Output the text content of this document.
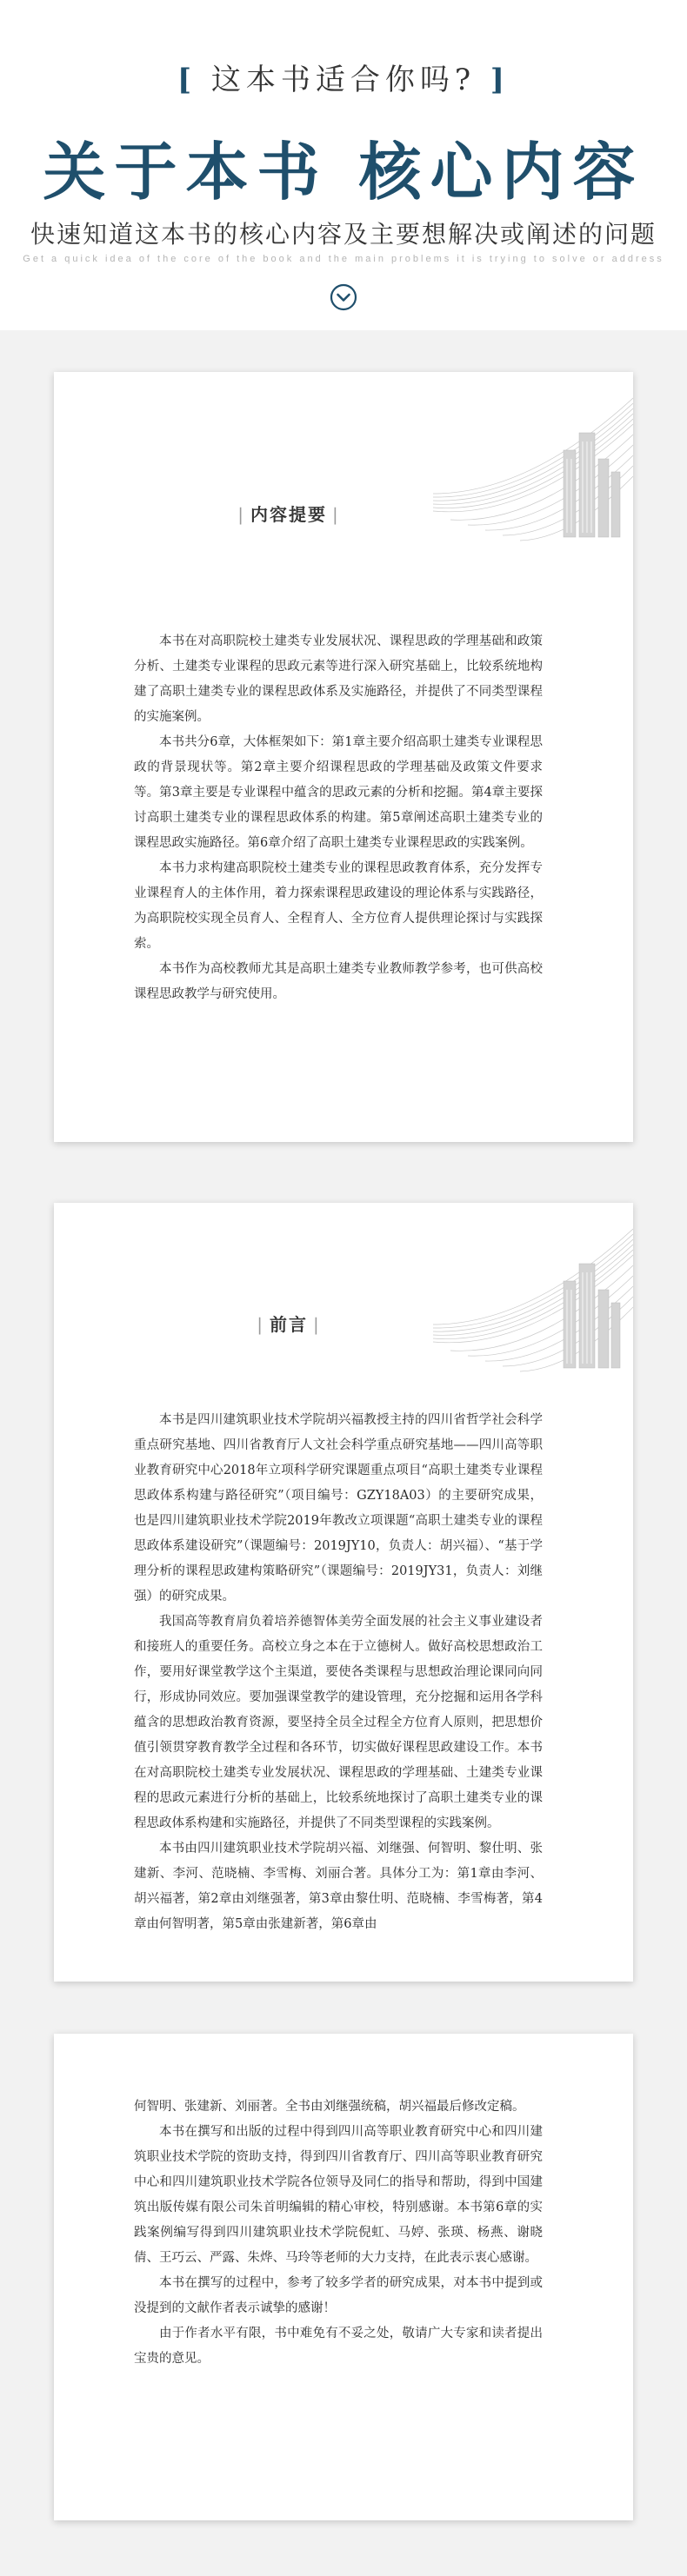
[ 这本书适合你吗? ]
关于本书 核心内容
快速知道这本书的核心内容及主要想解决或阐述的问题
Get a quick idea of the core of the book and the main problems it is trying to solve or address
| 内容提要 |

本书在对高职院校土建类专业发展状况、课程思政的学理基础和政策分析、土建类专业课程的思政元素等进行深入研究基础上，比较系统地构建了高职土建类专业的课程思政体系及实施路径，并提供了不同类型课程的实施案例。

本书共分6章，大体框架如下：第1章主要介绍高职土建类专业课程思政的背景现状等。第2章主要介绍课程思政的学理基础及政策文件要求等。第3章主要是专业课程中蕴含的思政元素的分析和挖掘。第4章主要探讨高职土建类专业的课程思政体系的构建。第5章阐述高职土建类专业的课程思政实施路径。第6章介绍了高职土建类专业课程思政的实践案例。

本书力求构建高职院校土建类专业的课程思政教育体系，充分发挥专业课程育人的主体作用，着力探索课程思政建设的理论体系与实践路径，为高职院校实现全员育人、全程育人、全方位育人提供理论探讨与实践探索。

本书作为高校教师尤其是高职土建类专业教师教学参考，也可供高校课程思政教学与研究使用。

| 前言 |

本书是四川建筑职业技术学院胡兴福教授主持的四川省哲学社会科学重点研究基地、四川省教育厅人文社会科学重点研究基地——四川高等职业教育研究中心2018年立项科学研究课题重点项目“高职土建类专业课程思政体系构建与路径研究”（项目编号：GZY18A03）的主要研究成果，也是四川建筑职业技术学院2019年教改立项课题“高职土建类专业的课程思政体系建设研究”（课题编号：2019JY10，负责人：胡兴福）、“基于学理分析的课程思政建构策略研究”（课题编号：2019JY31，负责人：刘继强）的研究成果。

我国高等教育肩负着培养德智体美劳全面发展的社会主义事业建设者和接班人的重要任务。高校立身之本在于立德树人。做好高校思想政治工作，要用好课堂教学这个主渠道，要使各类课程与思想政治理论课同向同行，形成协同效应。要加强课堂教学的建设管理，充分挖掘和运用各学科蕴含的思想政治教育资源，要坚持全员全过程全方位育人原则，把思想价值引领贯穿教育教学全过程和各环节，切实做好课程思政建设工作。本书在对高职院校土建类专业发展状况、课程思政的学理基础、土建类专业课程的思政元素进行分析的基础上，比较系统地探讨了高职土建类专业的课程思政体系构建和实施路径，并提供了不同类型课程的实践案例。

本书由四川建筑职业技术学院胡兴福、刘继强、何智明、黎仕明、张建新、李河、范晓楠、李雪梅、刘丽合著。具体分工为：第1章由李河、胡兴福著，第2章由刘继强著，第3章由黎仕明、范晓楠、李雪梅著，第4章由何智明著，第5章由张建新著，第6章由

何智明、张建新、刘丽著。全书由刘继强统稿，胡兴福最后修改定稿。

本书在撰写和出版的过程中得到四川高等职业教育研究中心和四川建筑职业技术学院的资助支持，得到四川省教育厅、四川高等职业教育研究中心和四川建筑职业技术学院各位领导及同仁的指导和帮助，得到中国建筑出版传媒有限公司朱首明编辑的精心审校，特别感谢。本书第6章的实践案例编写得到四川建筑职业技术学院倪虹、马婷、张瑛、杨燕、谢晓倩、王巧云、严露、朱烨、马玲等老师的大力支持，在此表示衷心感谢。

本书在撰写的过程中，参考了较多学者的研究成果，对本书中提到或没提到的文献作者表示诚挚的感谢！

由于作者水平有限，书中难免有不妥之处，敬请广大专家和读者提出宝贵的意见。
